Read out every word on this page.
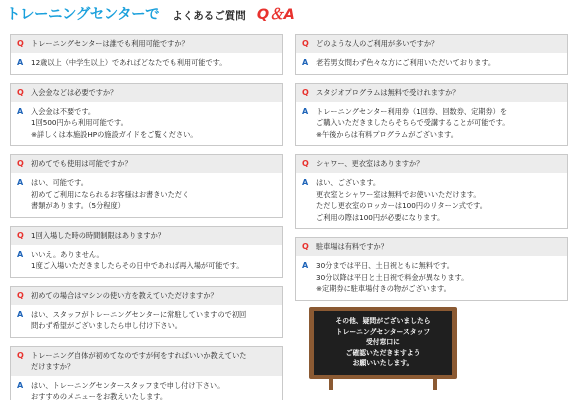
トレーニングセンターで よくあるご質問 Q＆A
Q トレーニングセンターは誰でも利用可能ですか？
A	12歳以上（中学生以上）であればどなたでも利用可能です。
Q 入会金などは必要ですか？
A	入会金は不要です。
1回500円から利用可能です。
※詳しくは本施設HPの施設ガイドをご覧ください。
Q 初めてでも使用は可能ですか？
A	はい、可能です。
初めてご利用になられるお客様はお書きいただく
書類があります。（5分程度）
Q 1回入場した時の時間制限はありますか？
A	いいえ。ありません。
1度ご入場いただきましたらその日中であれば再入場が可能です。
Q 初めての場合はマシンの使い方を教えていただけますか？
A	はい、スタッフがトレーニングセンターに常駐していますので初回
問わず希望がございましたら申し付け下さい。
Q トレーニング自体が初めてなのですが何をすればいいか教えていた
だけますか？
A	はい、トレーニングセンタースタッフまで申し付け下さい。
おすすめのメニューをお教えいたします。
Q どのような人のご利用が多いですか？
A	老若男女問わず色々な方にご利用いただいております。
Q スタジオプログラムは無料で受けれますか？
A	トレーニングセンター利用券（1回券、回数券、定期券）を
ご購入いただきましたらそちらで受講することが可能です。
※午後からは有料プログラムがございます。
Q シャワー、更衣室はありますか？
A	はい、ございます。
更衣室とシャワー室は無料でお使いいただけます。
ただし更衣室のロッカーは100円のリターン式です。
ご利用の際は100円が必要になります。
Q 駐車場は有料ですか？
A	30分までは平日、土日祝ともに無料です。
30分以降は平日と土日祝で料金が異なります。
※定期券に駐車場付きの物がございます。
その他、疑問がございましたら
トレーニングセンタースタッフ
受付窓口に
ご確認いただきますよう
お願いいたします。
